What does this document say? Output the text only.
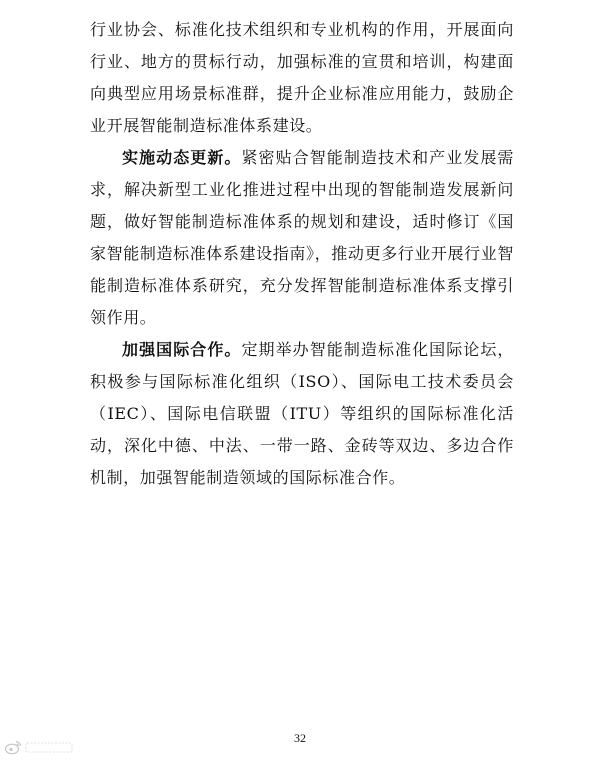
行业协会、标准化技术组织和专业机构的作用，开展面向行业、地方的贯标行动，加强标准的宣贯和培训，构建面向典型应用场景标准群，提升企业标准应用能力，鼓励企业开展智能制造标准体系建设。

实施动态更新。紧密贴合智能制造技术和产业发展需求，解决新型工业化推进过程中出现的智能制造发展新问题，做好智能制造标准体系的规划和建设，适时修订《国家智能制造标准体系建设指南》，推动更多行业开展行业智能制造标准体系研究，充分发挥智能制造标准体系支撑引领作用。

加强国际合作。定期举办智能制造标准化国际论坛，积极参与国际标准化组织（ISO）、国际电工技术委员会（IEC）、国际电信联盟（ITU）等组织的国际标准化活动，深化中德、中法、一带一路、金砖等双边、多边合作机制，加强智能制造领域的国际标准合作。

32
